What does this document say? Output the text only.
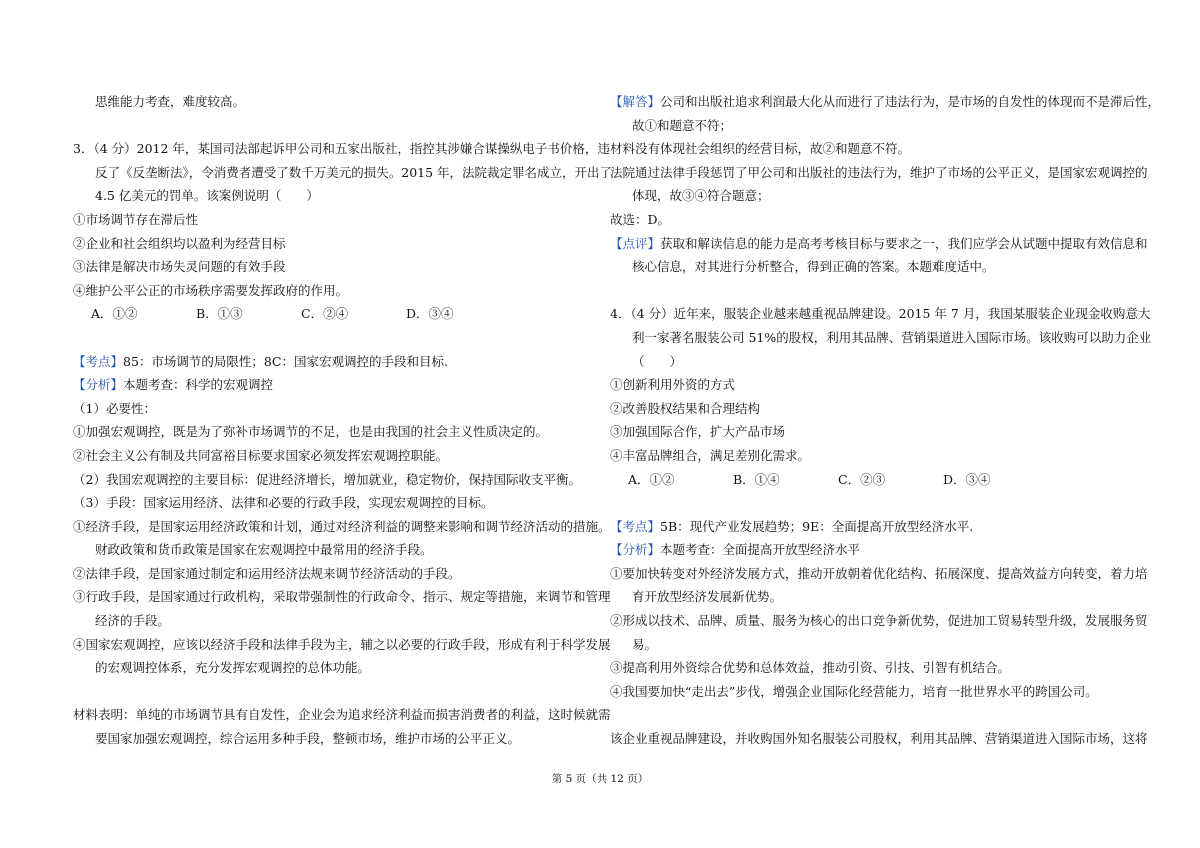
思维能力考查，难度较高。
3．（4 分）2012 年，某国司法部起诉甲公司和五家出版社，指控其涉嫌合谋操纵电子书价格，违
反了《反垄断法》，令消费者遭受了数千万美元的损失。2015 年，法院裁定罪名成立，开出了
4.5 亿美元的罚单。该案例说明（　　）
①市场调节存在滞后性
②企业和社会组织均以盈利为经营目标
③法律是解决市场失灵问题的有效手段
④维护公平公正的市场秩序需要发挥政府的作用。
A．①②	B．①③	C．②④	D．③④
【考点】85：市场调节的局限性；8C：国家宏观调控的手段和目标.
【分析】本题考查：科学的宏观调控
（1）必要性：
①加强宏观调控，既是为了弥补市场调节的不足，也是由我国的社会主义性质决定的。
②社会主义公有制及共同富裕目标要求国家必须发挥宏观调控职能。
（2）我国宏观调控的主要目标：促进经济增长，增加就业，稳定物价，保持国际收支平衡。
（3）手段：国家运用经济、法律和必要的行政手段，实现宏观调控的目标。
①经济手段，是国家运用经济政策和计划，通过对经济利益的调整来影响和调节经济活动的措施。
财政政策和货币政策是国家在宏观调控中最常用的经济手段。
②法律手段，是国家通过制定和运用经济法规来调节经济活动的手段。
③行政手段，是国家通过行政机构，采取带强制性的行政命令、指示、规定等措施，来调节和管理
经济的手段。
④国家宏观调控，应该以经济手段和法律手段为主，辅之以必要的行政手段，形成有利于科学发展
的宏观调控体系，充分发挥宏观调控的总体功能。
材料表明：单纯的市场调节具有自发性，企业会为追求经济利益而损害消费者的利益，这时候就需
要国家加强宏观调控，综合运用多种手段，整顿市场，维护市场的公平正义。
【解答】公司和出版社追求利润最大化从而进行了违法行为，是市场的自发性的体现而不是滞后性，
故①和题意不符；
材料没有体现社会组织的经营目标，故②和题意不符。
法院通过法律手段惩罚了甲公司和出版社的违法行为，维护了市场的公平正义，是国家宏观调控的
体现，故③④符合题意；
故选：D。
【点评】获取和解读信息的能力是高考考核目标与要求之一，我们应学会从试题中提取有效信息和
核心信息，对其进行分析整合，得到正确的答案。本题难度适中。
4．（4 分）近年来，服装企业越来越重视品牌建设。2015 年 7 月，我国某服装企业现金收购意大
利一家著名服装公司 51%的股权，利用其品牌、营销渠道进入国际市场。该收购可以助力企业
（　　）
①创新利用外资的方式
②改善股权结果和合理结构
③加强国际合作，扩大产品市场
④丰富品牌组合，满足差别化需求。
A．①②	B．①④	C．②③	D．③④
【考点】5B：现代产业发展趋势；9E：全面提高开放型经济水平.
【分析】本题考查：全面提高开放型经济水平
①要加快转变对外经济发展方式，推动开放朝着优化结构、拓展深度、提高效益方向转变，着力培
育开放型经济发展新优势。
②形成以技术、品牌、质量、服务为核心的出口竞争新优势，促进加工贸易转型升级，发展服务贸
易。
③提高利用外资综合优势和总体效益，推动引资、引技、引智有机结合。
④我国要加快“走出去”步伐，增强企业国际化经营能力，培育一批世界水平的跨国公司。
该企业重视品牌建设，并收购国外知名服装公司股权，利用其品牌、营销渠道进入国际市场，这将
第 5 页（共 12 页）
